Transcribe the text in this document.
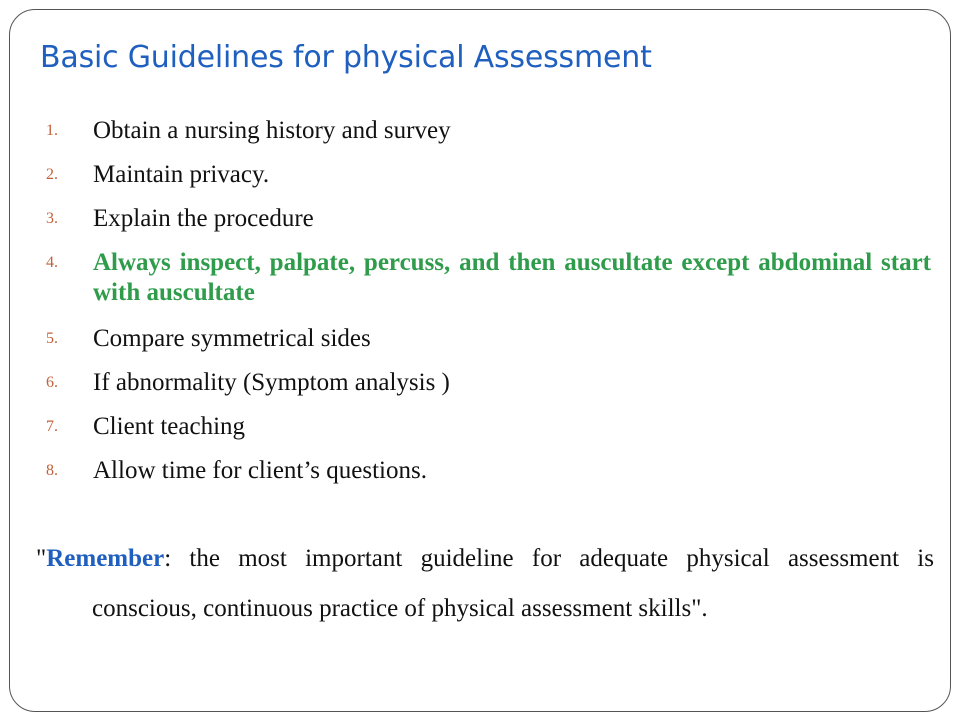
Basic Guidelines for physical Assessment
1.	Obtain a nursing history and survey
2.	Maintain privacy.
3.	Explain the procedure
4.	Always inspect, palpate, percuss, and then auscultate except abdominal start with auscultate
5.	Compare symmetrical sides
6.	If abnormality (Symptom analysis )
7.	Client teaching
8.	Allow time for client’s questions.

"Remember: the most important guideline for adequate physical assessment is conscious, continuous practice of physical assessment skills".
